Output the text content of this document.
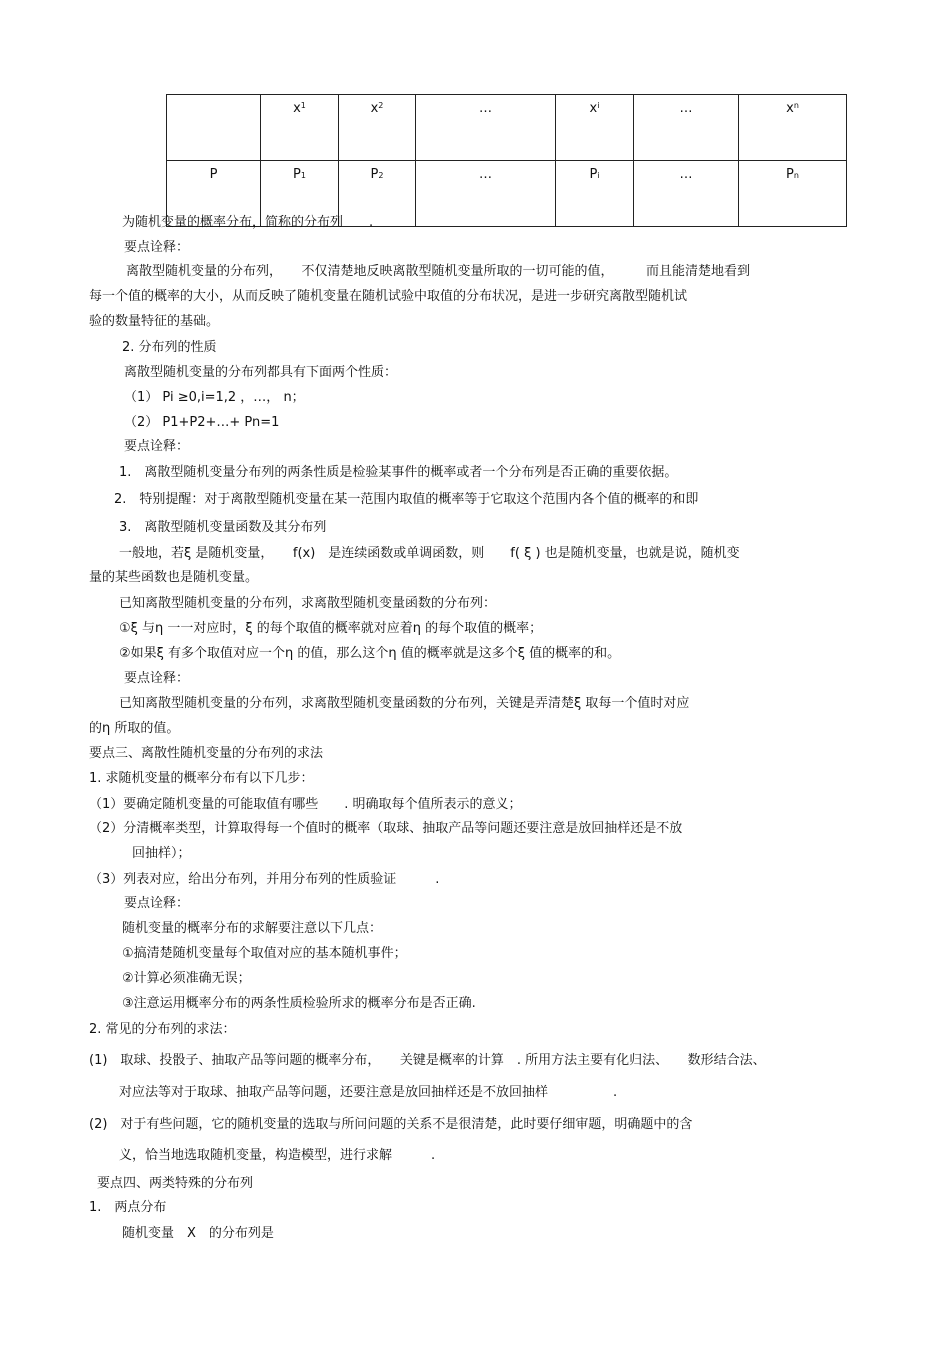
	$x^1$	$x^2$	…	$x^i$	…	$x^n$
P	P1	P2	…	Pi	…	Pn
为随机变量的概率分布，简称的分布列　　.
要点诠释：
离散型随机变量的分布列，　　不仅清楚地反映离散型随机变量所取的一切可能的值，　　　而且能清楚地看到
每一个值的概率的大小，从而反映了随机变量在随机试验中取值的分布状况，是进一步研究离散型随机试
验的数量特征的基础。
2. 分布列的性质
离散型随机变量的分布列都具有下面两个性质：
（1） Pi ≥0,i=1,2 ，…， n；
（2） P1+P2+…+ Pn=1
要点诠释：
1.　离散型随机变量分布列的两条性质是检验某事件的概率或者一个分布列是否正确的重要依据。
2.　特别提醒：对于离散型随机变量在某一范围内取值的概率等于它取这个范围内各个值的概率的和即
3.　离散型随机变量函数及其分布列
一般地，若ξ 是随机变量，　　f(x)　是连续函数或单调函数，则　　f( ξ ) 也是随机变量，也就是说，随机变
量的某些函数也是随机变量。
已知离散型随机变量的分布列，求离散型随机变量函数的分布列：
①ξ 与η 一一对应时，ξ 的每个取值的概率就对应着η 的每个取值的概率；
②如果ξ 有多个取值对应一个η 的值，那么这个η 值的概率就是这多个ξ 值的概率的和。
要点诠释：
已知离散型随机变量的分布列，求离散型随机变量函数的分布列，关键是弄清楚ξ 取每一个值时对应
的η 所取的值。
要点三、离散性随机变量的分布列的求法
1. 求随机变量的概率分布有以下几步：
（1）要确定随机变量的可能取值有哪些　　. 明确取每个值所表示的意义；
（2）分清概率类型，计算取得每一个值时的概率（取球、抽取产品等问题还要注意是放回抽样还是不放
回抽样）；
（3）列表对应，给出分布列，并用分布列的性质验证　　　.
要点诠释：
随机变量的概率分布的求解要注意以下几点：
①搞清楚随机变量每个取值对应的基本随机事件；
②计算必须准确无误；
③注意运用概率分布的两条性质检验所求的概率分布是否正确.
2. 常见的分布列的求法：
(1)　取球、投骰子、抽取产品等问题的概率分布，　　关键是概率的计算　. 所用方法主要有化归法、　　数形结合法、
对应法等对于取球、抽取产品等问题，还要注意是放回抽样还是不放回抽样　　　　　.
(2)　对于有些问题，它的随机变量的选取与所问问题的关系不是很清楚，此时要仔细审题，明确题中的含
义，恰当地选取随机变量，构造模型，进行求解　　　.
要点四、两类特殊的分布列
1.　两点分布
随机变量　X　的分布列是
